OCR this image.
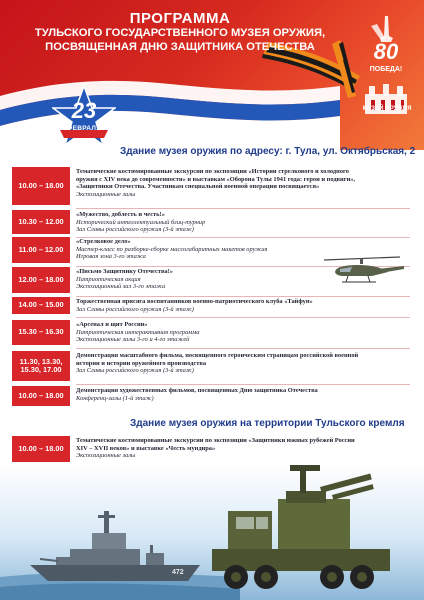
ПРОГРАММА
ТУЛЬСКОГО ГОСУДАРСТВЕННОГО МУЗЕЯ ОРУЖИЯ,
ПОСВЯЩЕННАЯ ДНЮ ЗАЩИТНИКА ОТЕЧЕСТВА	80
ПОБЕДА!
МУЗЕЙ ОРУЖИЯ
23
ФЕВРАЛЯ
Здание музея оружия по адресу: г. Тула, ул. Октябрьская, 2
10.00 – 18.00
Тематические костюмированные экскурсии по экспозиции «Истории стрелкового и холодного
оружия с XIV века до современности» и выставкам «Оборона Тулы 1941 года: герои и подвиги»,
«Защитники Отечества. Участникам специальной военной операции посвящается»
Экспозиционные залы
10.30 – 12.00
«Мужество, доблесть и честь!»
Исторический интеллектуальный блиц-турнир
Зал Славы российского оружия (3-й этаж)
11.00 – 12.00
«Стрелковое дело»
Мастер-класс по разборке-сборке массогабаритных макетов оружия
Игровая зона 3-го этажа
12.00 – 18.00
«Письмо Защитнику Отечества!»
Патриотическая акция
Экспозиционный зал 3-го этажа
14.00 – 15.00	Торжественная присяга воспитанников военно-патриотического клуба «Тайфун»
Зал Славы российского оружия (3-й этаж)
15.30 – 16.30
«Арсенал и щит России»
Патриотическая интерактивная программа
Экспозиционные залы 3-го и 4-го этажей
11.30, 13.30, 15.30, 17.00
Демонстрация масштабного фильма, посвященного героическим страницам российской военной
истории и истории оружейного производства
Зал Славы российского оружия (3-й этаж)
10.00 – 18.00
Демонстрация художественных фильмов, посвященных Дню защитника Отечества
Конференц-залы (1-й этаж)
Здание музея оружия на территории Тульского кремля
10.00 – 18.00
Тематические костюмированные экскурсии по экспозиции «Защитники южных рубежей России
XIV – XVII веков» и выставке «Честь мундира»
Экспозиционные залы
472
